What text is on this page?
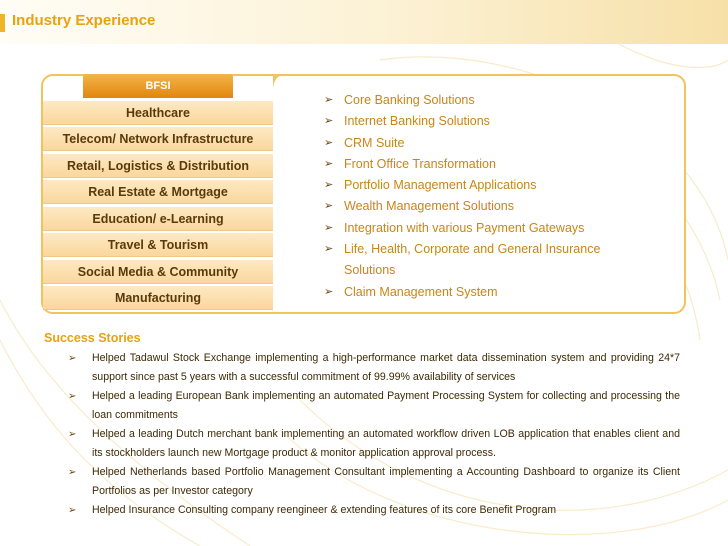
Industry Experience
BFSI
Healthcare
Telecom/ Network Infrastructure
Retail, Logistics & Distribution
Real Estate & Mortgage
Education/ e-Learning
Travel & Tourism
Social Media & Community
Manufacturing
➢ Core Banking Solutions
➢ Internet Banking Solutions
➢ CRM Suite
➢ Front Office Transformation
➢ Portfolio Management Applications
➢ Wealth Management Solutions
➢ Integration with various Payment Gateways
➢ Life, Health, Corporate and General Insurance Solutions
➢ Claim Management System
Success Stories
➢ Helped Tadawul Stock Exchange implementing a high-performance market data dissemination system and providing 24*7 support since past 5 years with a successful commitment of 99.99% availability of services
➢ Helped a leading European Bank implementing an automated Payment Processing System for collecting and processing the loan commitments
➢ Helped a leading Dutch merchant bank implementing an automated workflow driven LOB application that enables client and its stockholders launch new Mortgage product & monitor application approval process.
➢ Helped Netherlands based Portfolio Management Consultant implementing a Accounting Dashboard to organize its Client Portfolios as per Investor category
➢ Helped Insurance Consulting company reengineer & extending features of its core Benefit Program
